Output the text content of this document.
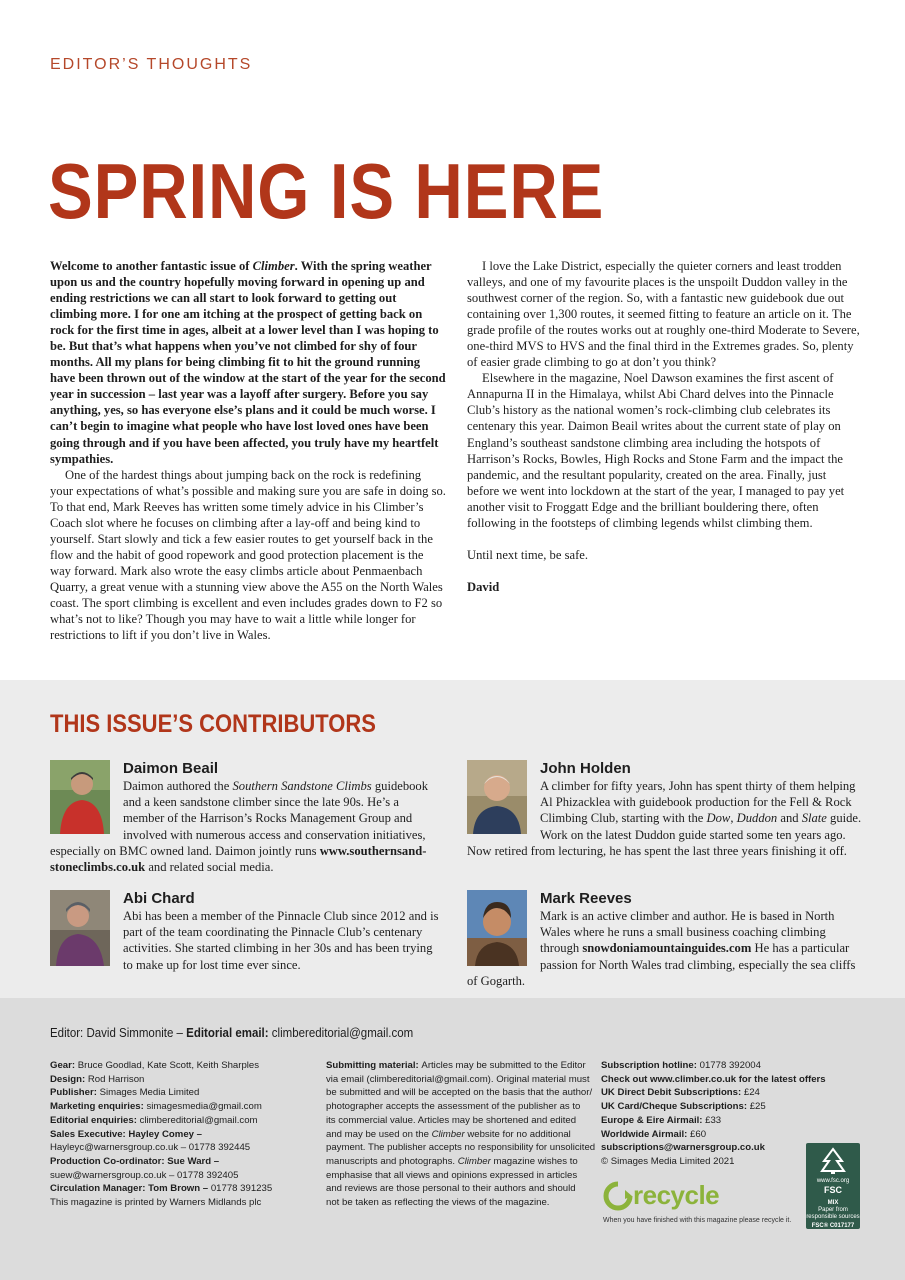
EDITOR’S THOUGHTS
SPRING IS HERE

Welcome to another fantastic issue of Climber. With the spring weather upon us and the country hopefully moving forward in opening up and ending restrictions we can all start to look forward to getting out climbing more. I for one am itching at the prospect of getting back on rock for the first time in ages, albeit at a lower level than I was hoping to be. But that’s what happens when you’ve not climbed for shy of four months. All my plans for being climbing fit to hit the ground running have been thrown out of the window at the start of the year for the second year in succession – last year was a layoff after surgery. Before you say anything, yes, so has everyone else’s plans and it could be much worse. I can’t begin to imagine what people who have lost loved ones have been going through and if you have been affected, you truly have my heartfelt sympathies.

One of the hardest things about jumping back on the rock is redefining your expectations of what’s possible and making sure you are safe in doing so. To that end, Mark Reeves has written some timely advice in his Climber’s Coach slot where he focuses on climbing after a lay-off and being kind to yourself. Start slowly and tick a few easier routes to get yourself back in the flow and the habit of good ropework and good protection placement is the way forward. Mark also wrote the easy climbs article about Penmaenbach Quarry, a great venue with a stunning view above the A55 on the North Wales coast. The sport climbing is excellent and even includes grades down to F2 so what’s not to like? Though you may have to wait a little while longer for restrictions to lift if you don’t live in Wales.

I love the Lake District, especially the quieter corners and least trodden valleys, and one of my favourite places is the unspoilt Duddon valley in the southwest corner of the region. So, with a fantastic new guidebook due out containing over 1,300 routes, it seemed fitting to feature an article on it. The grade profile of the routes works out at roughly one-third Moderate to Severe, one-third MVS to HVS and the final third in the Extremes grades. So, plenty of easier grade climbing to go at don’t you think?

Elsewhere in the magazine, Noel Dawson examines the first ascent of Annapurna II in the Himalaya, whilst Abi Chard delves into the Pinnacle Club’s history as the national women’s rock-climbing club celebrates its centenary this year. Daimon Beail writes about the current state of play on England’s southeast sandstone climbing area including the hotspots of Harrison’s Rocks, Bowles, High Rocks and Stone Farm and the impact the pandemic, and the resultant popularity, created on the area. Finally, just before we went into lockdown at the start of the year, I managed to pay yet another visit to Froggatt Edge and the brilliant bouldering there, often following in the footsteps of climbing legends whilst climbing them.

Until next time, be safe.

David

THIS ISSUE’S CONTRIBUTORS
Daimon Beail
Daimon authored the Southern Sandstone Climbs guidebook and a keen sandstone climber since the late 90s. He’s a member of the Harrison’s Rocks Management Group and involved with numerous access and conservation initiatives, especially on BMC owned land. Daimon jointly runs www.southernsand-stoneclimbs.co.uk and related social media.
John Holden
A climber for fifty years, John has spent thirty of them helping Al Phizacklea with guidebook production for the Fell & Rock Climbing Club, starting with the Dow, Duddon and Slate guide. Work on the latest Duddon guide started some ten years ago. Now retired from lecturing, he has spent the last three years finishing it off.
Abi Chard
Abi has been a member of the Pinnacle Club since 2012 and is part of the team coordinating the Pinnacle Club’s centenary activities. She started climbing in her 30s and has been trying to make up for lost time ever since.
Mark Reeves
Mark is an active climber and author. He is based in North Wales where he runs a small business coaching climbing through snowdoniamountainguides.com He has a particular passion for North Wales trad climbing, especially the sea cliffs of Gogarth.
Editor: David Simmonite – Editorial email: climbereditorial@gmail.com
Gear: Bruce Goodlad, Kate Scott, Keith Sharples
Design: Rod Harrison
Publisher: Simages Media Limited
Marketing enquiries: simagesmedia@gmail.com
Editorial enquiries: climbereditorial@gmail.com
Sales Executive: Hayley Comey –
Hayleyc@warnersgroup.co.uk – 01778 392445
Production Co-ordinator: Sue Ward –
suew@warnersgroup.co.uk – 01778 392405
Circulation Manager: Tom Brown – 01778 391235
This magazine is printed by Warners Midlands plc
Submitting material: Articles may be submitted to the Editor
via email (climbereditorial@gmail.com). Original material must
be submitted and will be accepted on the basis that the author/
photographer accepts the assessment of the publisher as to
its commercial value. Articles may be shortened and edited
and may be used on the Climber website for no additional
payment. The publisher accepts no responsibility for unsolicited
manuscripts and photographs. Climber magazine wishes to
emphasise that all views and opinions expressed in articles
and reviews are those personal to their authors and should
not be taken as reflecting the views of the magazine.
Subscription hotline: 01778 392004
Check out www.climber.co.uk for the latest offers
UK Direct Debit Subscriptions: £24
UK Card/Cheque Subscriptions: £25
Europe & Eire Airmail: £33
Worldwide Airmail: £60
subscriptions@warnersgroup.co.uk
© Simages Media Limited 2021
recycle
When you have finished with this magazine please recycle it.
www.fsc.org
FSC
MIX
Paper from responsible sources
FSC® C017177
